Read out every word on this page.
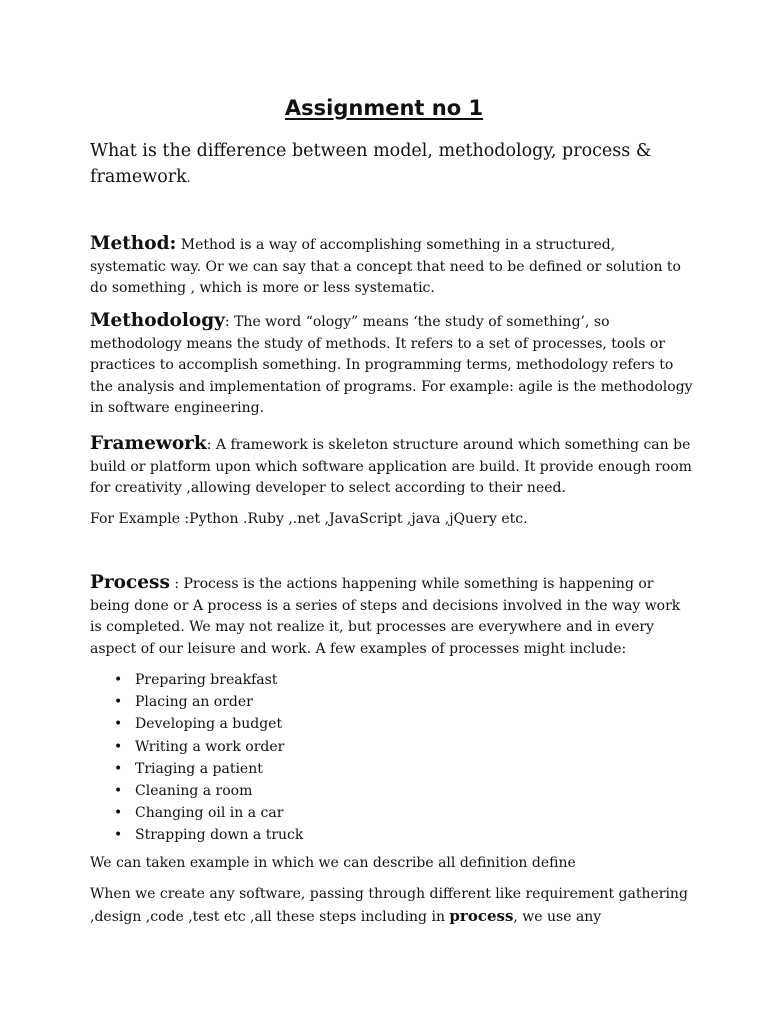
Assignment no 1

What is the difference between model, methodology, process & framework.

Method: Method is a way of accomplishing something in a structured, systematic way. Or we can say that a concept that need to be defined or solution to do something , which is more or less systematic.

Methodology: The word “ology” means ‘the study of something’, so methodology means the study of methods. It refers to a set of processes, tools or practices to accomplish something. In programming terms, methodology refers to the analysis and implementation of programs. For example: agile is the methodology in software engineering.

Framework: A framework is skeleton structure around which something can be build or platform upon which software application are build. It provide enough room for creativity ,allowing developer to select according to their need.

For Example :Python .Ruby ,.net ,JavaScript ,java ,jQuery etc.

Process : Process is the actions happening while something is happening or being done or A process is a series of steps and decisions involved in the way work is completed. We may not realize it, but processes are everywhere and in every aspect of our leisure and work. A few examples of processes might include:

• Preparing breakfast
• Placing an order
• Developing a budget
• Writing a work order
• Triaging a patient
• Cleaning a room
• Changing oil in a car
• Strapping down a truck

We can taken example in which we can describe all definition define

When we create any software, passing through different like requirement gathering ,design ,code ,test etc ,all these steps including in process, we use any
